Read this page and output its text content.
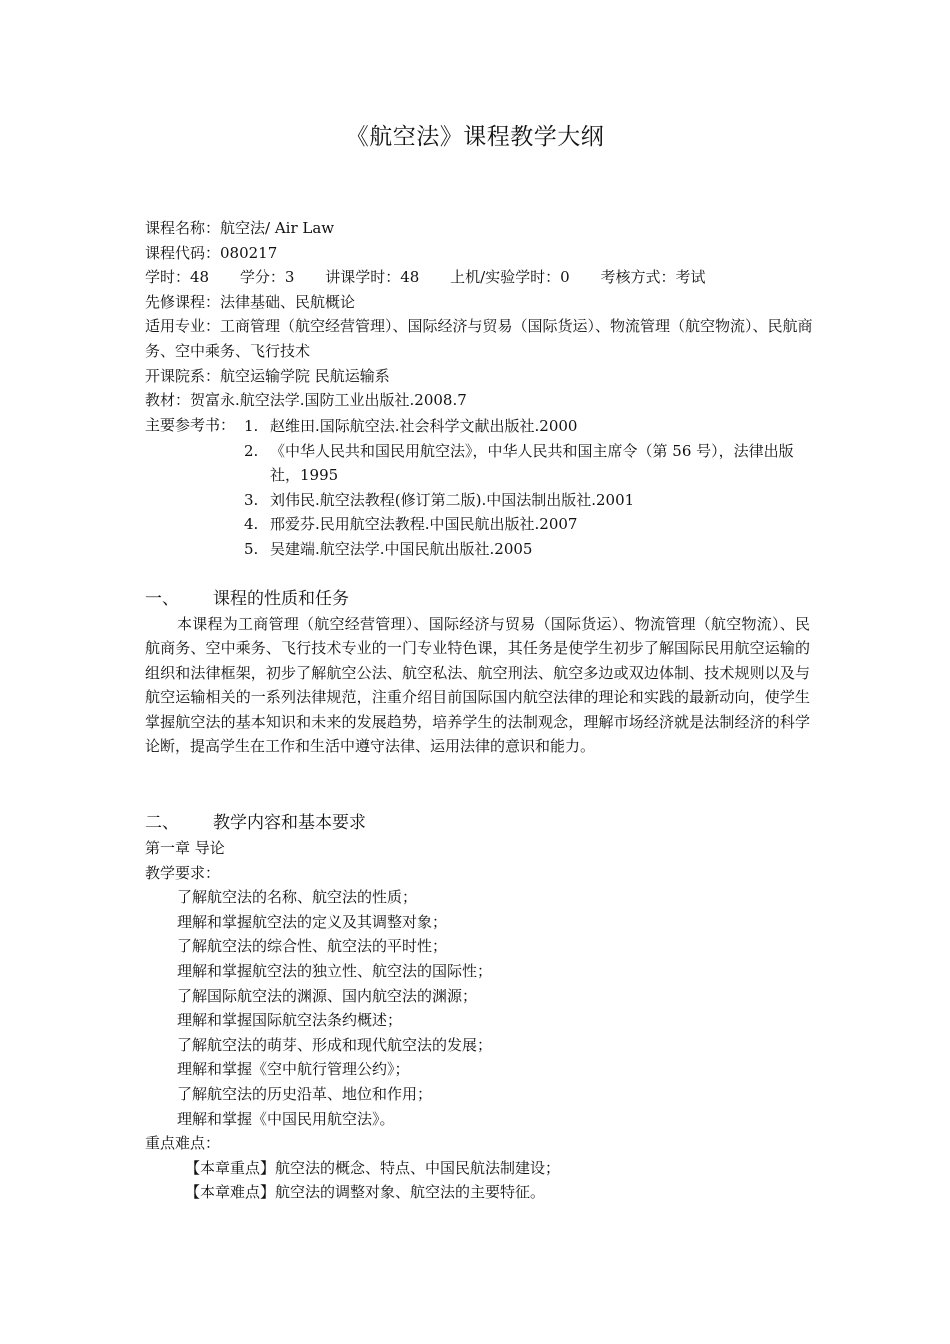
《航空法》课程教学大纲
课程名称：航空法/ Air Law
课程代码：080217
学时：48 学分：3 讲课学时：48 上机/实验学时：0 考核方式：考试
先修课程：法律基础、民航概论
适用专业：工商管理（航空经营管理）、国际经济与贸易（国际货运）、物流管理（航空物流）、民航商务、空中乘务、飞行技术
开课院系：航空运输学院 民航运输系
教材：贺富永.航空法学.国防工业出版社.2008.7
主要参考书： 1. 赵维田.国际航空法.社会科学文献出版社.2000
2. 《中华人民共和国民用航空法》，中华人民共和国主席令（第 56 号），法律出版社，1995
3. 刘伟民.航空法教程(修订第二版).中国法制出版社.2001
4. 邢爱芬.民用航空法教程.中国民航出版社.2007
5. 吴建端.航空法学.中国民航出版社.2005
一、 课程的性质和任务
本课程为工商管理（航空经营管理）、国际经济与贸易（国际货运）、物流管理（航空物流）、民航商务、空中乘务、飞行技术专业的一门专业特色课，其任务是使学生初步了解国际民用航空运输的组织和法律框架，初步了解航空公法、航空私法、航空刑法、航空多边或双边体制、技术规则以及与航空运输相关的一系列法律规范，注重介绍目前国际国内航空法律的理论和实践的最新动向，使学生掌握航空法的基本知识和未来的发展趋势，培养学生的法制观念，理解市场经济就是法制经济的科学论断，提高学生在工作和生活中遵守法律、运用法律的意识和能力。
二、 教学内容和基本要求
第一章 导论
教学要求：
了解航空法的名称、航空法的性质；
理解和掌握航空法的定义及其调整对象；
了解航空法的综合性、航空法的平时性；
理解和掌握航空法的独立性、航空法的国际性；
了解国际航空法的渊源、国内航空法的渊源；
理解和掌握国际航空法条约概述；
了解航空法的萌芽、形成和现代航空法的发展；
理解和掌握《空中航行管理公约》；
了解航空法的历史沿革、地位和作用；
理解和掌握《中国民用航空法》。
重点难点：
【本章重点】航空法的概念、特点、中国民航法制建设；
【本章难点】航空法的调整对象、航空法的主要特征。
